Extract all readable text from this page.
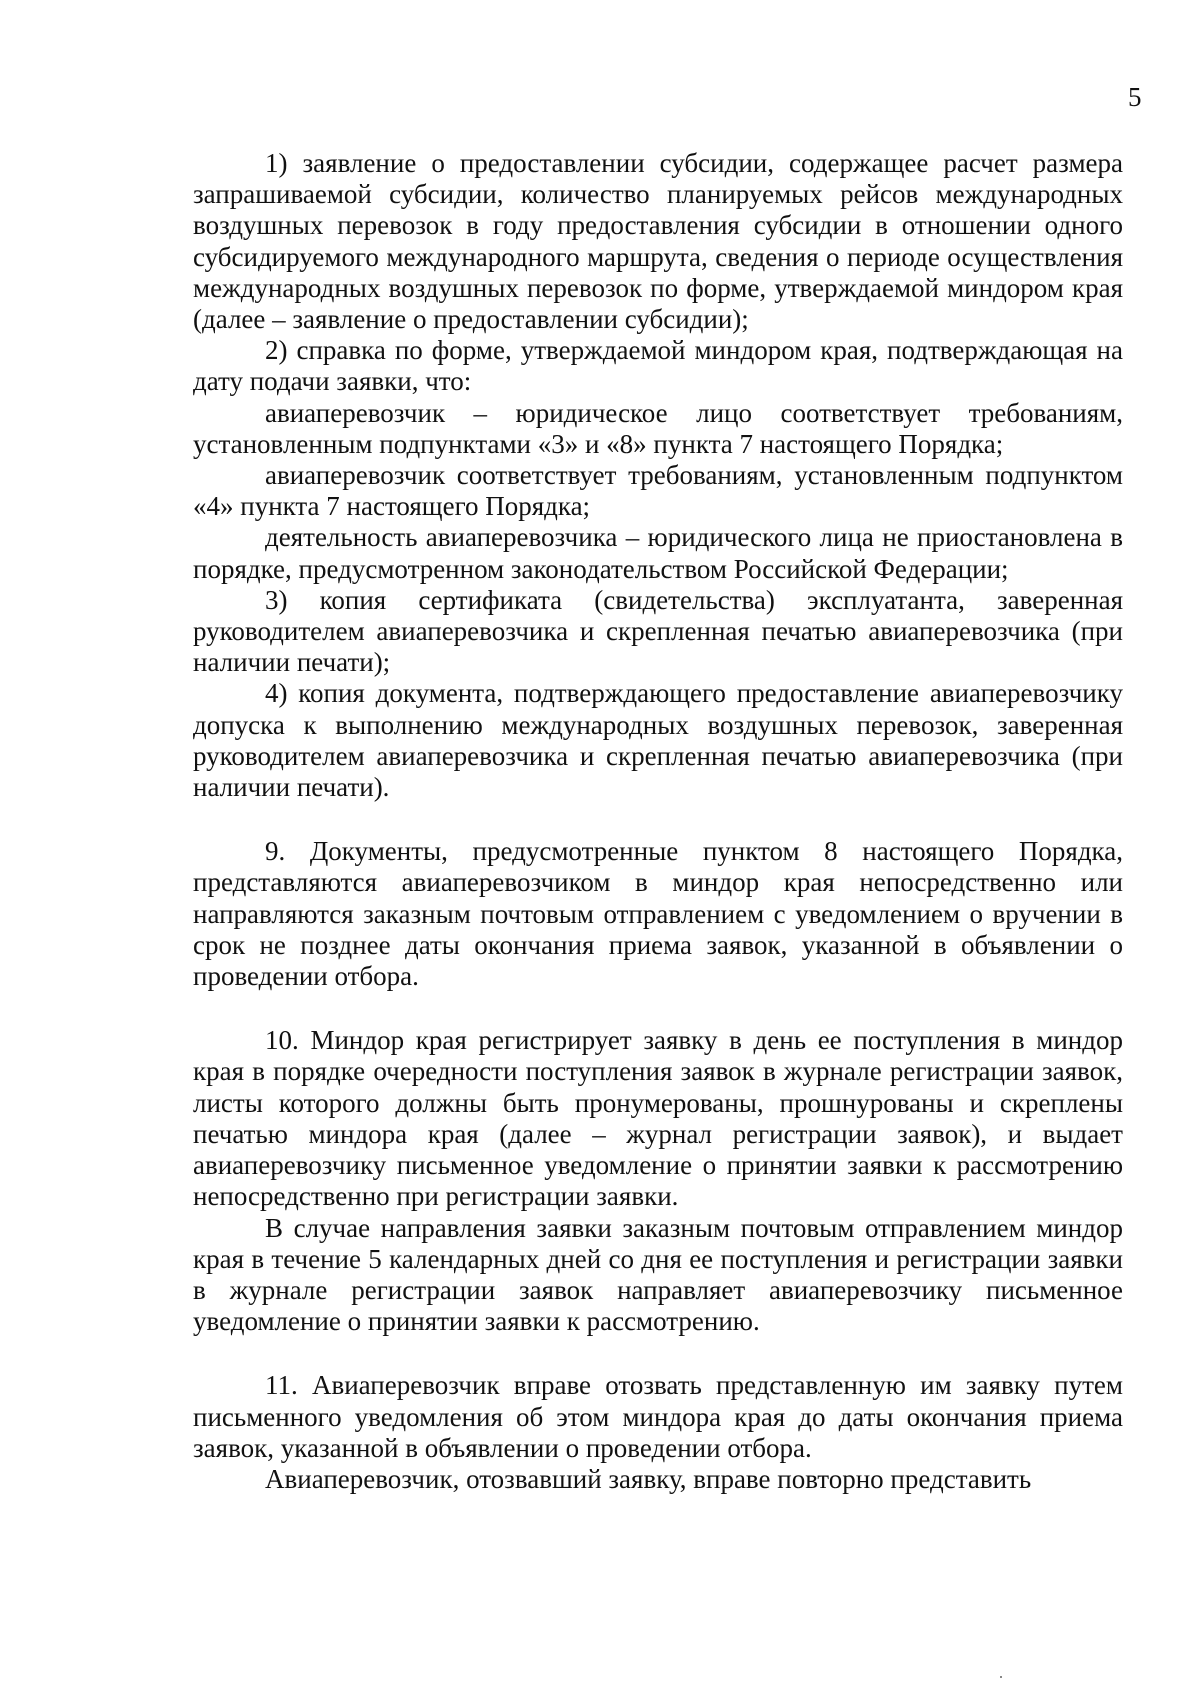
5

1) заявление о предоставлении субсидии, содержащее расчет размера запрашиваемой субсидии, количество планируемых рейсов международных воздушных перевозок в году предоставления субсидии в отношении одного субсидируемого международного маршрута, сведения о периоде осуществления международных воздушных перевозок по форме, утверждаемой миндором края (далее – заявление о предоставлении субсидии);

2) справка по форме, утверждаемой миндором края, подтверждающая на дату подачи заявки, что:

авиаперевозчик – юридическое лицо соответствует требованиям, установленным подпунктами «3» и «8» пункта 7 настоящего Порядка;

авиаперевозчик соответствует требованиям, установленным подпунктом «4» пункта 7 настоящего Порядка;

деятельность авиаперевозчика – юридического лица не приостановлена в порядке, предусмотренном законодательством Российской Федерации;

3) копия сертификата (свидетельства) эксплуатанта, заверенная руководителем авиаперевозчика и скрепленная печатью авиаперевозчика (при наличии печати);

4) копия документа, подтверждающего предоставление авиаперевозчику допуска к выполнению международных воздушных перевозок, заверенная руководителем авиаперевозчика и скрепленная печатью авиаперевозчика (при наличии печати).

9. Документы, предусмотренные пунктом 8 настоящего Порядка, представляются авиаперевозчиком в миндор края непосредственно или направляются заказным почтовым отправлением с уведомлением о вручении в срок не позднее даты окончания приема заявок, указанной в объявлении о проведении отбора.

10. Миндор края регистрирует заявку в день ее поступления в миндор края в порядке очередности поступления заявок в журнале регистрации заявок, листы которого должны быть пронумерованы, прошнурованы и скреплены печатью миндора края (далее – журнал регистрации заявок), и выдает авиаперевозчику письменное уведомление о принятии заявки к рассмотрению непосредственно при регистрации заявки.

В случае направления заявки заказным почтовым отправлением миндор края в течение 5 календарных дней со дня ее поступления и регистрации заявки в журнале регистрации заявок направляет авиаперевозчику письменное уведомление о принятии заявки к рассмотрению.

11. Авиаперевозчик вправе отозвать представленную им заявку путем письменного уведомления об этом миндора края до даты окончания приема заявок, указанной в объявлении о проведении отбора.

Авиаперевозчик, отозвавший заявку, вправе повторно представить
